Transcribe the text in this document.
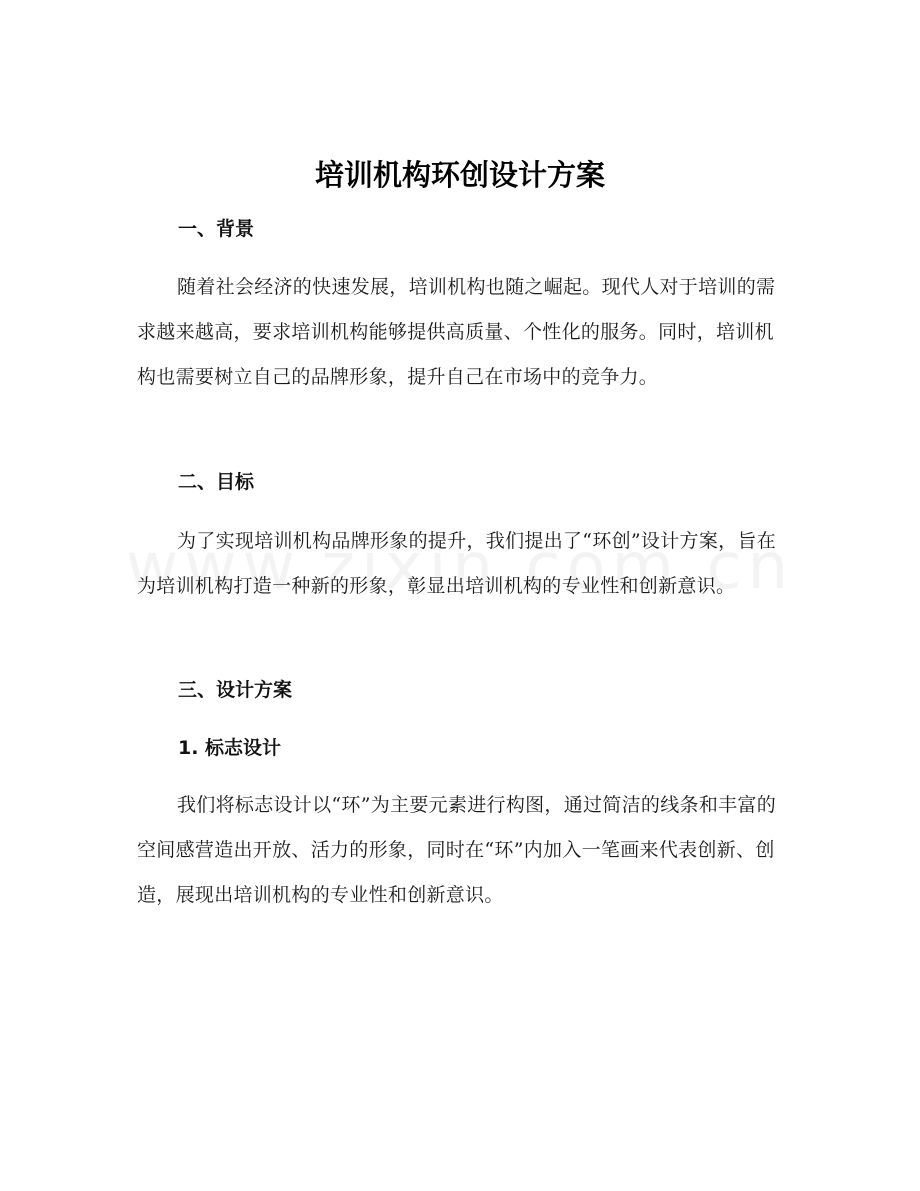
培训机构环创设计方案
一、背景
随着社会经济的快速发展，培训机构也随之崛起。现代人对于培训的需求越来越高，要求培训机构能够提供高质量、个性化的服务。同时，培训机构也需要树立自己的品牌形象，提升自己在市场中的竞争力。
二、目标
为了实现培训机构品牌形象的提升，我们提出了“环创”设计方案，旨在为培训机构打造一种新的形象，彰显出培训机构的专业性和创新意识。
三、设计方案
1. 标志设计
我们将标志设计以“环”为主要元素进行构图，通过简洁的线条和丰富的空间感营造出开放、活力的形象，同时在“环”内加入一笔画来代表创新、创造，展现出培训机构的专业性和创新意识。
